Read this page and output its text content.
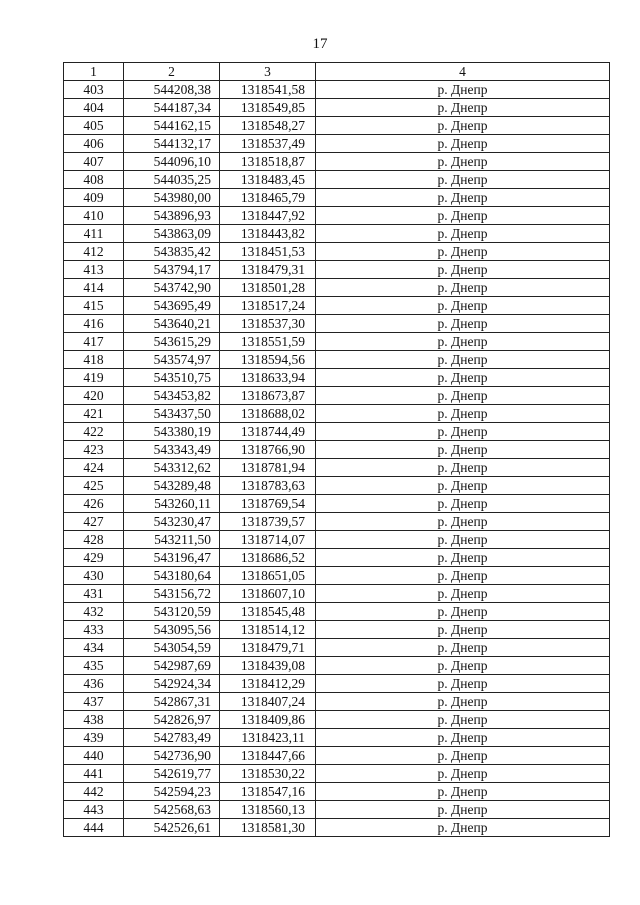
17
1	2	3	4
403	544208,38	1318541,58	р. Днепр
404	544187,34	1318549,85	р. Днепр
405	544162,15	1318548,27	р. Днепр
406	544132,17	1318537,49	р. Днепр
407	544096,10	1318518,87	р. Днепр
408	544035,25	1318483,45	р. Днепр
409	543980,00	1318465,79	р. Днепр
410	543896,93	1318447,92	р. Днепр
411	543863,09	1318443,82	р. Днепр
412	543835,42	1318451,53	р. Днепр
413	543794,17	1318479,31	р. Днепр
414	543742,90	1318501,28	р. Днепр
415	543695,49	1318517,24	р. Днепр
416	543640,21	1318537,30	р. Днепр
417	543615,29	1318551,59	р. Днепр
418	543574,97	1318594,56	р. Днепр
419	543510,75	1318633,94	р. Днепр
420	543453,82	1318673,87	р. Днепр
421	543437,50	1318688,02	р. Днепр
422	543380,19	1318744,49	р. Днепр
423	543343,49	1318766,90	р. Днепр
424	543312,62	1318781,94	р. Днепр
425	543289,48	1318783,63	р. Днепр
426	543260,11	1318769,54	р. Днепр
427	543230,47	1318739,57	р. Днепр
428	543211,50	1318714,07	р. Днепр
429	543196,47	1318686,52	р. Днепр
430	543180,64	1318651,05	р. Днепр
431	543156,72	1318607,10	р. Днепр
432	543120,59	1318545,48	р. Днепр
433	543095,56	1318514,12	р. Днепр
434	543054,59	1318479,71	р. Днепр
435	542987,69	1318439,08	р. Днепр
436	542924,34	1318412,29	р. Днепр
437	542867,31	1318407,24	р. Днепр
438	542826,97	1318409,86	р. Днепр
439	542783,49	1318423,11	р. Днепр
440	542736,90	1318447,66	р. Днепр
441	542619,77	1318530,22	р. Днепр
442	542594,23	1318547,16	р. Днепр
443	542568,63	1318560,13	р. Днепр
444	542526,61	1318581,30	р. Днепр
